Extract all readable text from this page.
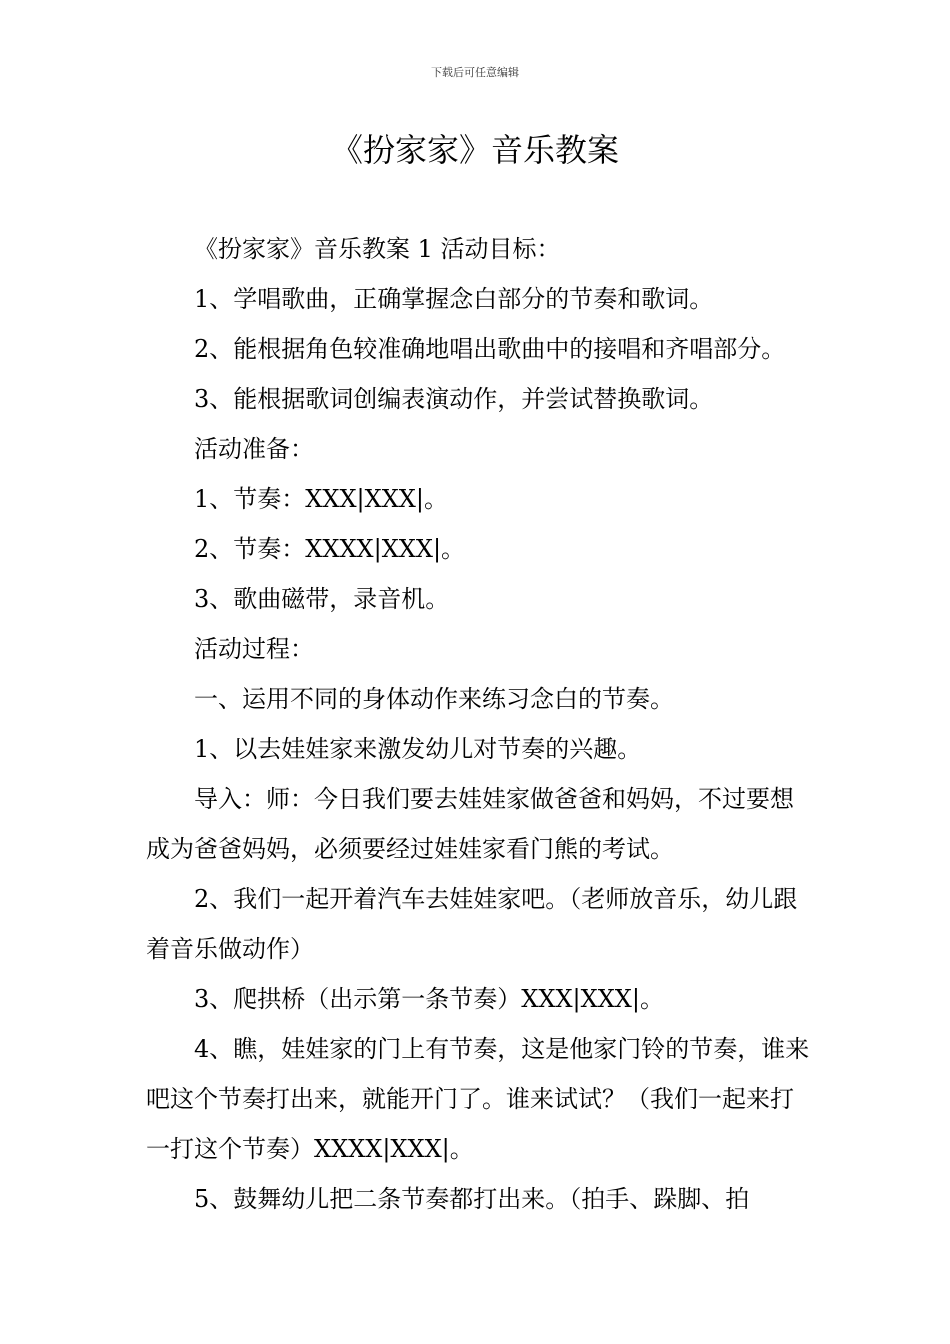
下载后可任意编辑
《扮家家》音乐教案

《扮家家》音乐教案 1 活动目标：

1、学唱歌曲，正确掌握念白部分的节奏和歌词。

2、能根据角色较准确地唱出歌曲中的接唱和齐唱部分。

3、能根据歌词创编表演动作，并尝试替换歌词。

活动准备：

1、节奏：XXX|XXX|。

2、节奏：XXXX|XXX|。

3、歌曲磁带，录音机。

活动过程：

一、运用不同的身体动作来练习念白的节奏。

1、以去娃娃家来激发幼儿对节奏的兴趣。

导入：师：今日我们要去娃娃家做爸爸和妈妈，不过要想成为爸爸妈妈，必须要经过娃娃家看门熊的考试。

2、我们一起开着汽车去娃娃家吧。（老师放音乐，幼儿跟着音乐做动作）

3、爬拱桥（出示第一条节奏）XXX|XXX|。

4、瞧，娃娃家的门上有节奏，这是他家门铃的节奏，谁来吧这个节奏打出来，就能开门了。谁来试试？（我们一起来打一打这个节奏）XXXX|XXX|。

5、鼓舞幼儿把二条节奏都打出来。（拍手、跺脚、拍
